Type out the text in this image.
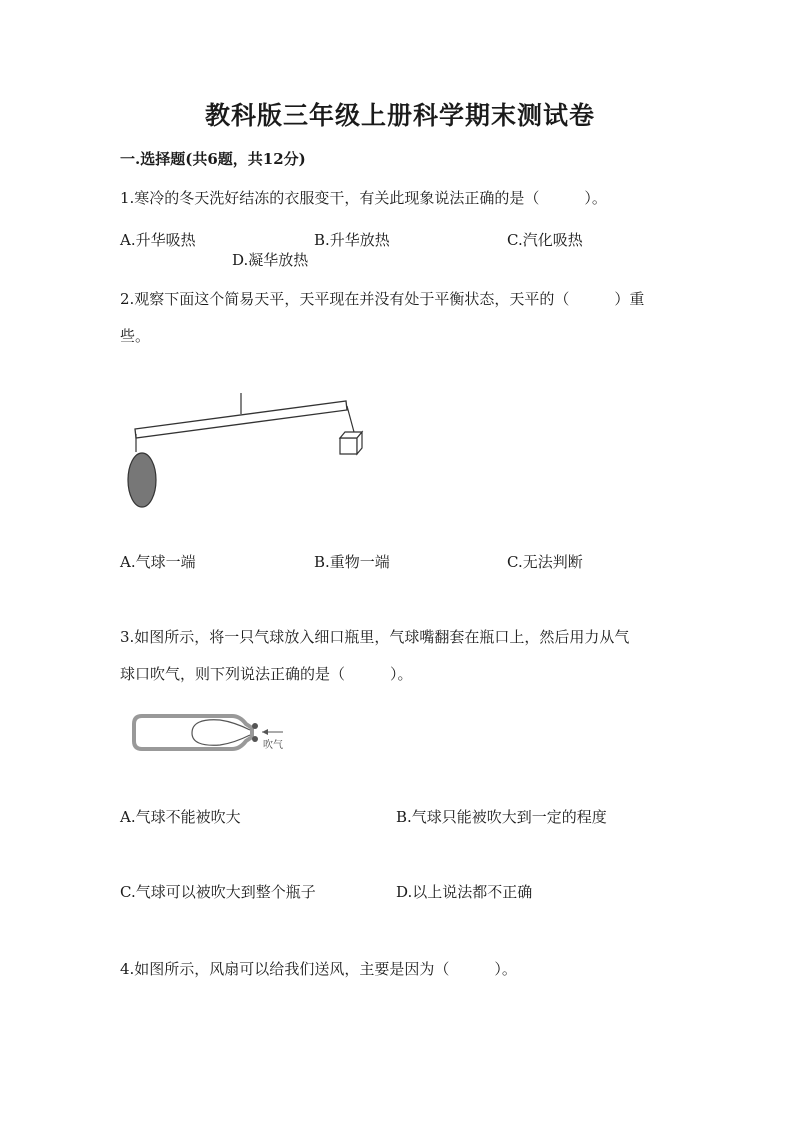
教科版三年级上册科学期末测试卷
一.选择题(共6题，共12分)
1.寒冷的冬天洗好结冻的衣服变干，有关此现象说法正确的是（　　　）。
A.升华吸热	B.升华放热	C.汽化吸热
D.凝华放热
2.观察下面这个简易天平，天平现在并没有处于平衡状态，天平的（　　　）重
些。
A.气球一端	B.重物一端	C.无法判断
3.如图所示，将一只气球放入细口瓶里，气球嘴翻套在瓶口上，然后用力从气
球口吹气，则下列说法正确的是（　　　）。
吹气
A.气球不能被吹大	B.气球只能被吹大到一定的程度
C.气球可以被吹大到整个瓶子	D.以上说法都不正确
4.如图所示，风扇可以给我们送风，主要是因为（　　　）。
